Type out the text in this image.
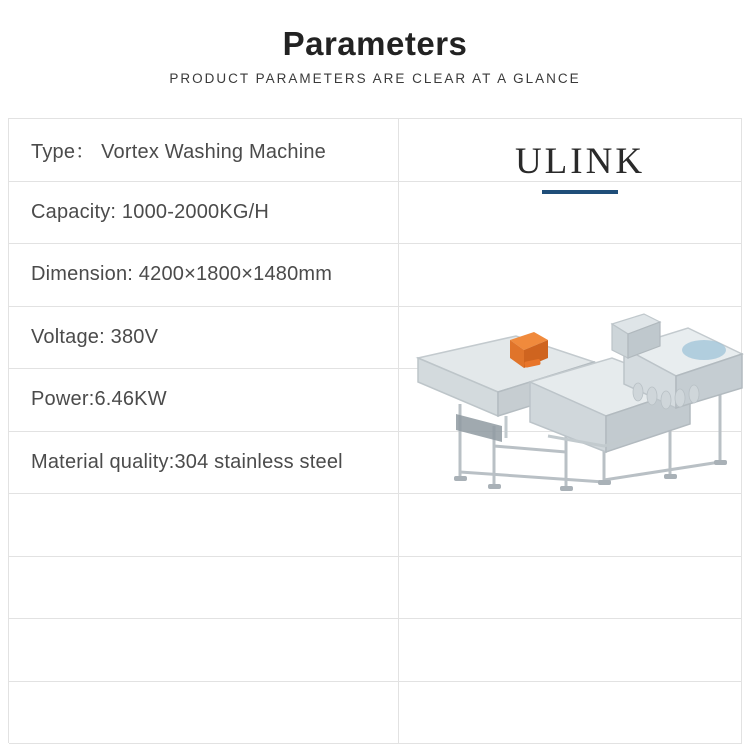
Parameters
PRODUCT PARAMETERS ARE CLEAR AT A GLANCE
Type： Vortex Washing Machine
Capacity: 1000-2000KG/H
Dimension: 4200×1800×1480mm
Voltage: 380V
Power:6.46KW
Material quality:304 stainless steel
ULINK
